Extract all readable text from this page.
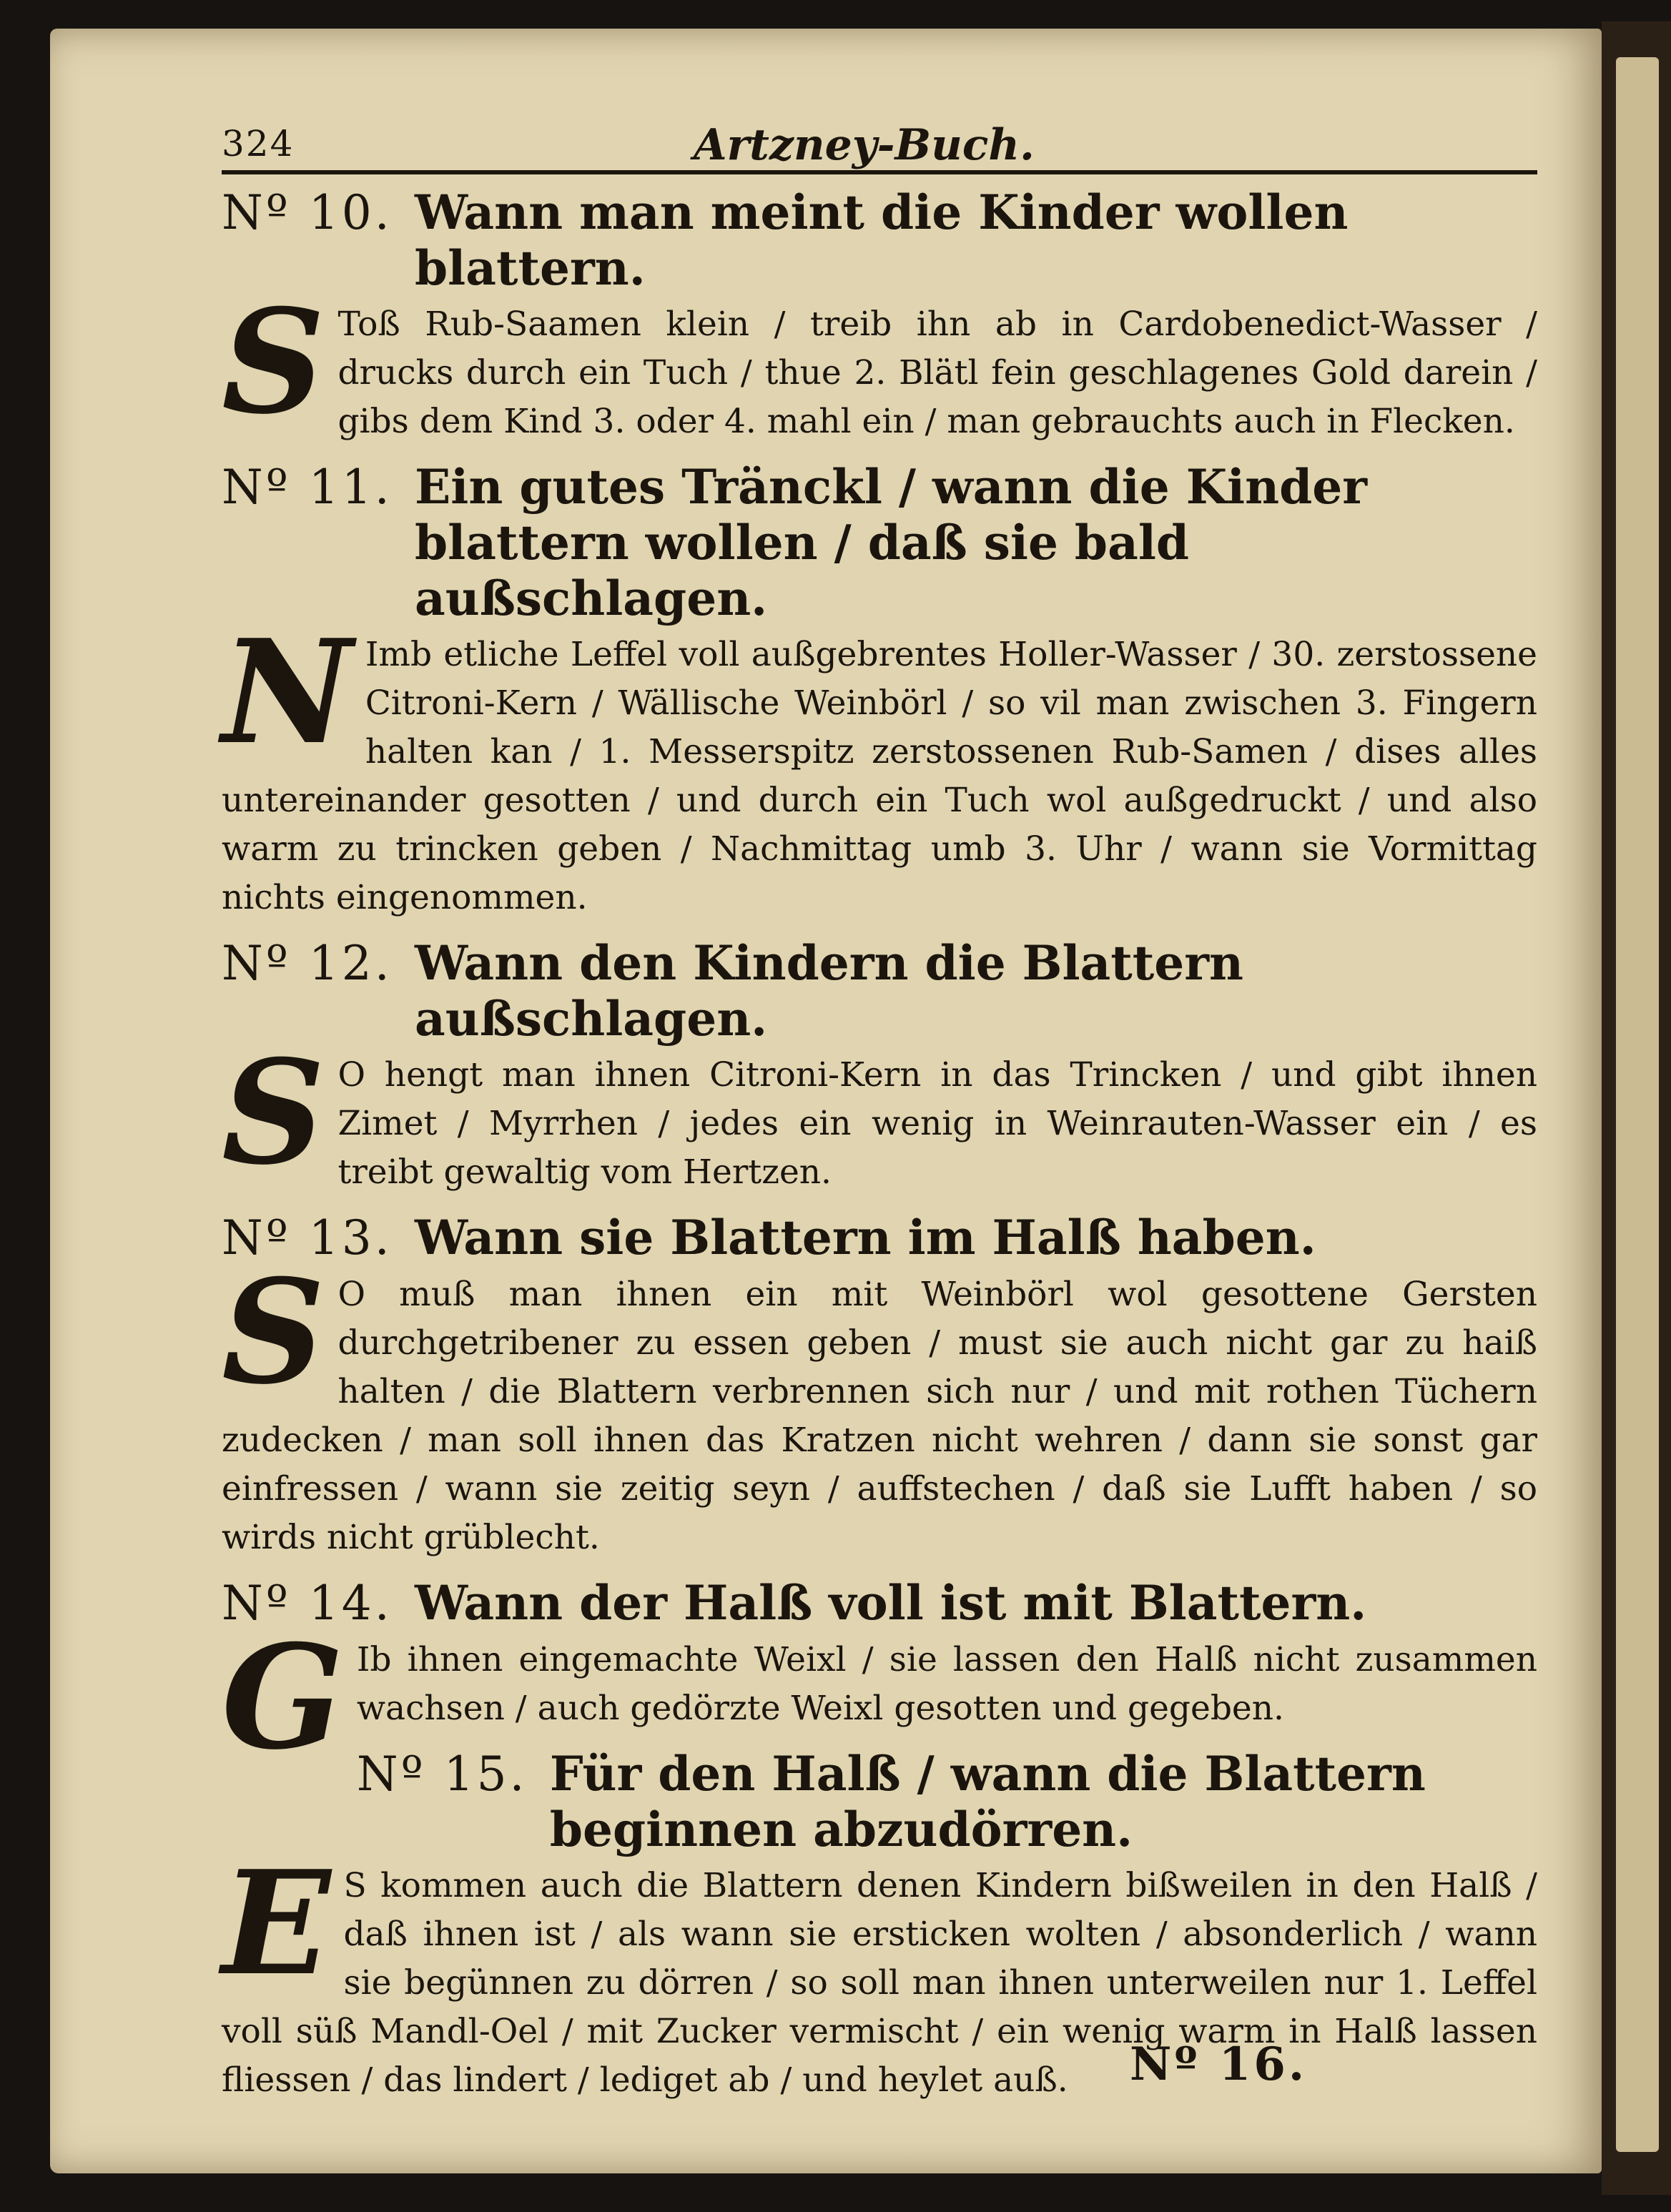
324	Artzney-Buch.
Nº 10. Wann man meint die Kinder wollen blattern.
S Toß Rub-Saamen klein / treib ihn ab in Cardobenedict-Wasser / drucks durch ein Tuch / thue 2. Blätl fein geschlagenes Gold darein / gibs dem Kind 3. oder 4. mahl ein / man gebrauchts auch in Flecken.
Nº 11. Ein gutes Tränckl / wann die Kinder blattern wollen / daß sie bald außschlagen.
N Imb etliche Leffel voll außgebrentes Holler-Wasser / 30. zerstossene Citroni-Kern / Wällische Weinbörl / so vil man zwischen 3. Fingern halten kan / 1. Messerspitz zerstossenen Rub-Samen / dises alles untereinander gesotten / und durch ein Tuch wol außgedruckt / und also warm zu trincken geben / Nachmittag umb 3. Uhr / wann sie Vormittag nichts eingenommen.
Nº 12. Wann den Kindern die Blattern außschlagen.
S O hengt man ihnen Citroni-Kern in das Trincken / und gibt ihnen Zimet / Myrrhen / jedes ein wenig in Weinrauten-Wasser ein / es treibt gewaltig vom Hertzen.
Nº 13. Wann sie Blattern im Halß haben.
S O muß man ihnen ein mit Weinbörl wol gesottene Gersten durchgetribener zu essen geben / must sie auch nicht gar zu haiß halten / die Blattern verbrennen sich nur / und mit rothen Tüchern zudecken / man soll ihnen das Kratzen nicht wehren / dann sie sonst gar einfressen / wann sie zeitig seyn / auffstechen / daß sie Lufft haben / so wirds nicht grüblecht.
Nº 14. Wann der Halß voll ist mit Blattern.
G Ib ihnen eingemachte Weixl / sie lassen den Halß nicht zusammen wachsen / auch gedörzte Weixl gesotten und gegeben.
Nº 15. Für den Halß / wann die Blattern beginnen abzudörren.
E S kommen auch die Blattern denen Kindern bißweilen in den Halß / daß ihnen ist / als wann sie ersticken wolten / absonderlich / wann sie begünnen zu dörren / so soll man ihnen unterweilen nur 1. Leffel voll süß Mandl-Oel / mit Zucker vermischt / ein wenig warm in Halß lassen fliessen / das lindert / lediget ab / und heylet auß.	Nº 16.
